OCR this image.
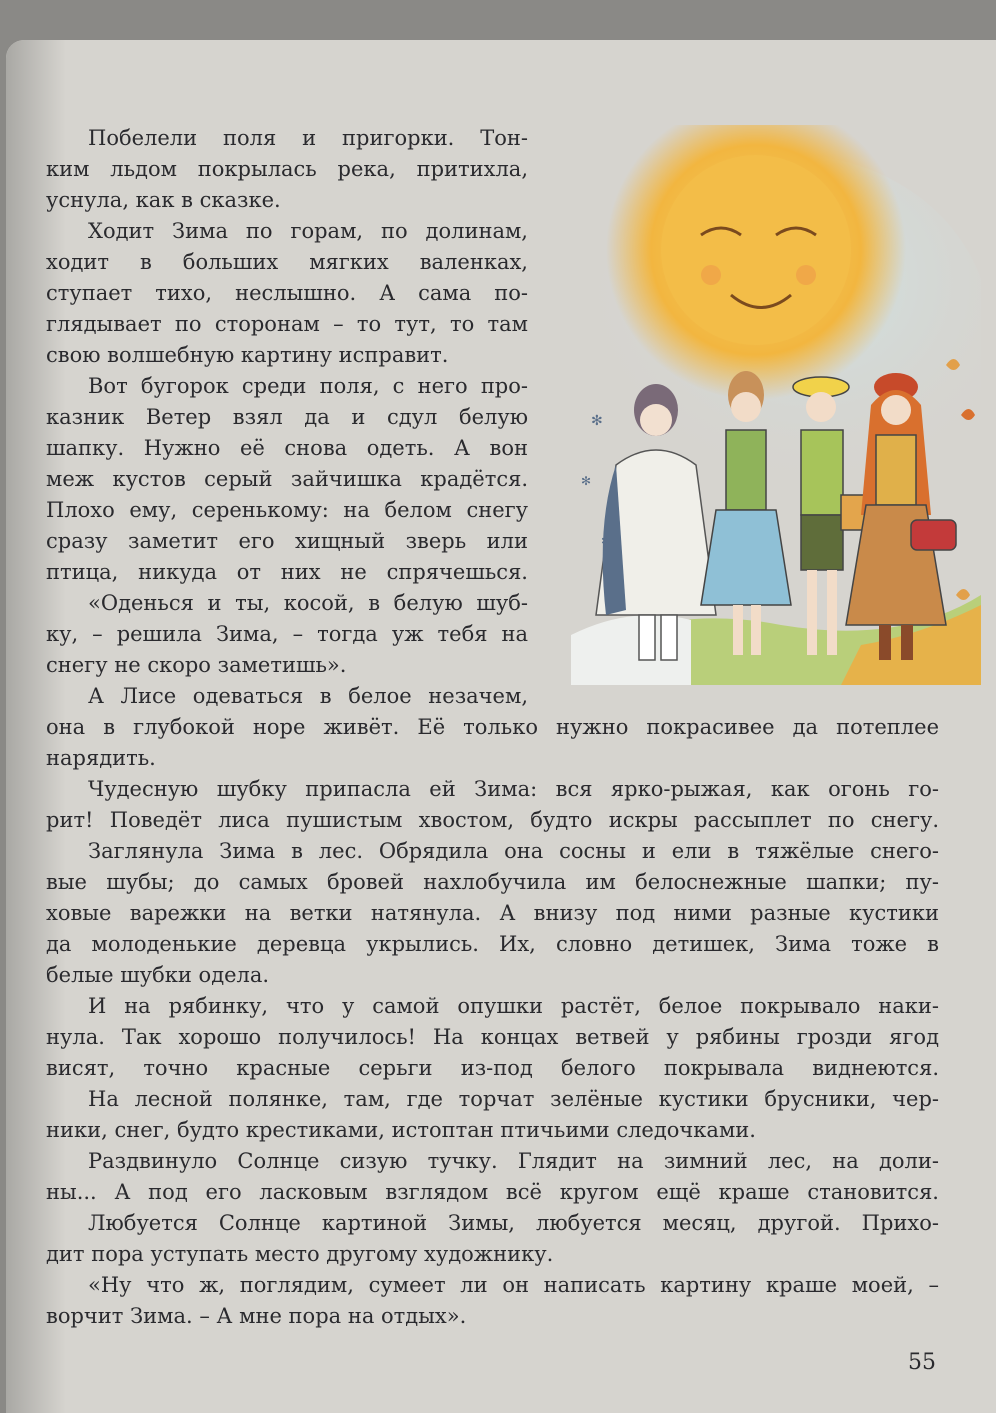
✻
✻
✻
Побелели поля и пригорки. Тон-
ким льдом покрылась река, притихла,
уснула, как в сказке.
Ходит Зима по горам, по долинам,
ходит в больших мягких валенках,
ступает тихо, неслышно. А сама по-
глядывает по сторонам – то тут, то там
свою волшебную картину исправит.
Вот бугорок среди поля, с него про-
казник Ветер взял да и сдул белую
шапку. Нужно её снова одеть. А вон
меж кустов серый зайчишка крадётся.
Плохо ему, серенькому: на белом снегу
сразу заметит его хищный зверь или
птица, никуда от них не спрячешься.
«Оденься и ты, косой, в белую шуб-
ку, – решила Зима, – тогда уж тебя на
снегу не скоро заметишь».
А Лисе одеваться в белое незачем,
она в глубокой норе живёт. Её только нужно покрасивее да потеплее
нарядить.
Чудесную шубку припасла ей Зима: вся ярко-рыжая, как огонь го-
рит! Поведёт лиса пушистым хвостом, будто искры рассыплет по снегу.
Заглянула Зима в лес. Обрядила она сосны и ели в тяжёлые снего-
вые шубы; до самых бровей нахлобучила им белоснежные шапки; пу-
ховые варежки на ветки натянула. А внизу под ними разные кустики
да молоденькие деревца укрылись. Их, словно детишек, Зима тоже в
белые шубки одела.
И на рябинку, что у самой опушки растёт, белое покрывало наки-
нула. Так хорошо получилось! На концах ветвей у рябины грозди ягод
висят, точно красные серьги из-под белого покрывала виднеются.
На лесной полянке, там, где торчат зелёные кустики брусники, чер-
ники, снег, будто крестиками, истоптан птичьими следочками.
Раздвинуло Солнце сизую тучку. Глядит на зимний лес, на доли-
ны... А под его ласковым взглядом всё кругом ещё краше становится.
Любуется Солнце картиной Зимы, любуется месяц, другой. Прихо-
дит пора уступать место другому художнику.
«Ну что ж, поглядим, сумеет ли он написать картину краше моей, –
ворчит Зима. – А мне пора на отдых».
55
